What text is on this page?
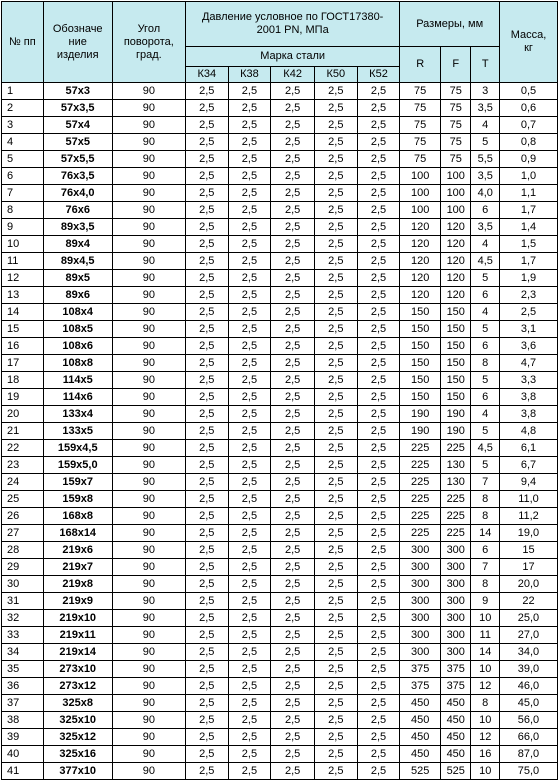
№ пп	Обозначе ние изделия	Угол поворота, град.	Давление условное по ГОСТ17380-2001 PN, МПа					Размеры, мм			Масса, кг
			Марка стали					R	F	T	
			К34	К38	К42	К50	К52				
1	57x3	90	2,5	2,5	2,5	2,5	2,5	75	75	3	0,5
2	57x3,5	90	2,5	2,5	2,5	2,5	2,5	75	75	3,5	0,6
3	57x4	90	2,5	2,5	2,5	2,5	2,5	75	75	4	0,7
4	57x5	90	2,5	2,5	2,5	2,5	2,5	75	75	5	0,8
5	57x5,5	90	2,5	2,5	2,5	2,5	2,5	75	75	5,5	0,9
6	76x3,5	90	2,5	2,5	2,5	2,5	2,5	100	100	3,5	1,0
7	76x4,0	90	2,5	2,5	2,5	2,5	2,5	100	100	4,0	1,1
8	76x6	90	2,5	2,5	2,5	2,5	2,5	100	100	6	1,7
9	89x3,5	90	2,5	2,5	2,5	2,5	2,5	120	120	3,5	1,4
10	89x4	90	2,5	2,5	2,5	2,5	2,5	120	120	4	1,5
11	89x4,5	90	2,5	2,5	2,5	2,5	2,5	120	120	4,5	1,7
12	89x5	90	2,5	2,5	2,5	2,5	2,5	120	120	5	1,9
13	89x6	90	2,5	2,5	2,5	2,5	2,5	120	120	6	2,3
14	108x4	90	2,5	2,5	2,5	2,5	2,5	150	150	4	2,5
15	108x5	90	2,5	2,5	2,5	2,5	2,5	150	150	5	3,1
16	108x6	90	2,5	2,5	2,5	2,5	2,5	150	150	6	3,6
17	108x8	90	2,5	2,5	2,5	2,5	2,5	150	150	8	4,7
18	114x5	90	2,5	2,5	2,5	2,5	2,5	150	150	5	3,3
19	114x6	90	2,5	2,5	2,5	2,5	2,5	150	150	6	3,8
20	133x4	90	2,5	2,5	2,5	2,5	2,5	190	190	4	3,8
21	133x5	90	2,5	2,5	2,5	2,5	2,5	190	190	5	4,8
22	159x4,5	90	2,5	2,5	2,5	2,5	2,5	225	225	4,5	6,1
23	159x5,0	90	2,5	2,5	2,5	2,5	2,5	225	130	5	6,7
24	159x7	90	2,5	2,5	2,5	2,5	2,5	225	130	7	9,4
25	159x8	90	2,5	2,5	2,5	2,5	2,5	225	225	8	11,0
26	168x8	90	2,5	2,5	2,5	2,5	2,5	225	225	8	11,2
27	168x14	90	2,5	2,5	2,5	2,5	2,5	225	225	14	19,0
28	219x6	90	2,5	2,5	2,5	2,5	2,5	300	300	6	15
29	219x7	90	2,5	2,5	2,5	2,5	2,5	300	300	7	17
30	219x8	90	2,5	2,5	2,5	2,5	2,5	300	300	8	20,0
31	219x9	90	2,5	2,5	2,5	2,5	2,5	300	300	9	22
32	219x10	90	2,5	2,5	2,5	2,5	2,5	300	300	10	25,0
33	219x11	90	2,5	2,5	2,5	2,5	2,5	300	300	11	27,0
34	219x14	90	2,5	2,5	2,5	2,5	2,5	300	300	14	34,0
35	273x10	90	2,5	2,5	2,5	2,5	2,5	375	375	10	39,0
36	273x12	90	2,5	2,5	2,5	2,5	2,5	375	375	12	46,0
37	325x8	90	2,5	2,5	2,5	2,5	2,5	450	450	8	45,0
38	325x10	90	2,5	2,5	2,5	2,5	2,5	450	450	10	56,0
39	325x12	90	2,5	2,5	2,5	2,5	2,5	450	450	12	66,0
40	325x16	90	2,5	2,5	2,5	2,5	2,5	450	450	16	87,0
41	377x10	90	2,5	2,5	2,5	2,5	2,5	525	525	10	75,0
